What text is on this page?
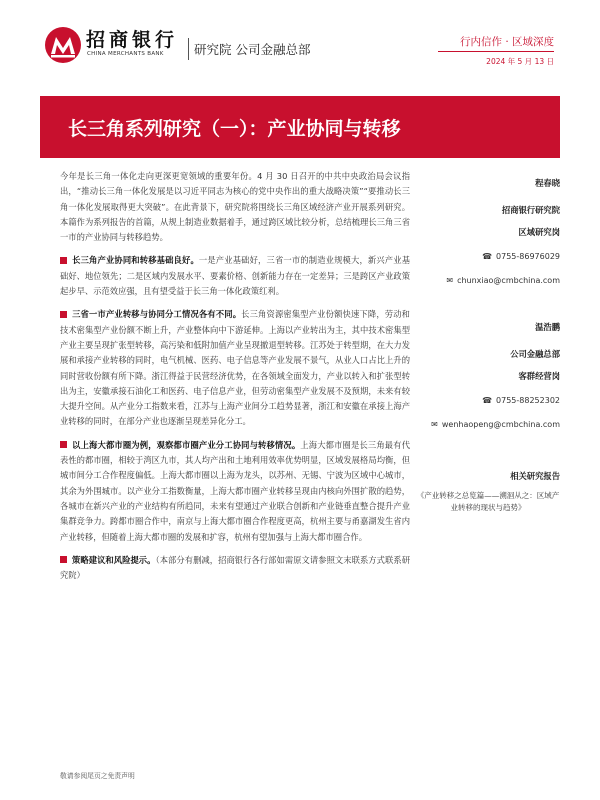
招商银行
CHINA MERCHANTS BANK 研究院 公司金融总部	行内信作 · 区域深度
2024 年 5 月 13 日
长三角系列研究（一）：产业协同与转移

今年是长三角一体化走向更深更宽领域的重要年份。4 月 30 日召开的中共中央政治局会议指出，“推动长三角一体化发展是以习近平同志为核心的党中央作出的重大战略决策”“要推动长三角一体化发展取得更大突破”。在此背景下，研究院将围绕长三角区域经济产业开展系列研究。本篇作为系列报告的首篇，从规上制造业数据着手，通过跨区域比较分析，总结梳理长三角三省一市的产业协同与转移趋势。

长三角产业协同和转移基础良好。一是产业基础好，三省一市的制造业规模大，新兴产业基础好、地位领先；二是区域内发展水平、要素价格、创新能力存在一定差异；三是跨区产业政策起步早、示范效应强，且有望受益于长三角一体化政策红利。

三省一市产业转移与协同分工情况各有不同。长三角资源密集型产业份额快速下降，劳动和技术密集型产业份额不断上升，产业整体向中下游延伸。上海以产业转出为主，其中技术密集型产业主要呈现扩张型转移，高污染和低附加值产业呈现撤退型转移。江苏处于转型期，在大力发展和承接产业转移的同时，电气机械、医药、电子信息等产业发展不景气，从业人口占比上升的同时营收份额有所下降。浙江得益于民营经济优势，在各领域全面发力，产业以转入和扩张型转出为主，安徽承接石油化工和医药、电子信息产业，但劳动密集型产业发展不及预期，未来有较大提升空间。从产业分工指数来看，江苏与上海产业间分工趋势显著，浙江和安徽在承接上海产业转移的同时，在部分产业也逐渐呈现差异化分工。

以上海大都市圈为例，观察都市圈产业分工协同与转移情况。上海大都市圈是长三角最有代表性的都市圈，相较于湾区九市，其人均产出和土地利用效率优势明显，区域发展格局均衡，但城市间分工合作程度偏低。上海大都市圈以上海为龙头，以苏州、无锡、宁波为区域中心城市，其余为外围城市。以产业分工指数衡量，上海大都市圈产业转移呈现由内核向外围扩散的趋势，各城市在新兴产业的产业结构有所趋同，未来有望通过产业联合创新和产业链垂直整合提升产业集群竞争力。跨都市圈合作中，南京与上海大都市圈合作程度更高，杭州主要与甬嘉湖发生省内产业转移，但随着上海大都市圈的发展和扩容，杭州有望加强与上海大都市圈合作。

策略建议和风险提示。（本部分有删减，招商银行各行部如需原文请参照文末联系方式联系研究院）

程春晓
招商银行研究院
区域研究岗
☎ 0755-86976029
✉ chunxiao@cmbchina.com
温浩鹏
公司金融总部
客群经营岗
☎ 0755-88252302
✉ wenhaopeng@cmbchina.com
相关研究报告
《产业转移之总览篇——溯洄从之：区域产业转移的现状与趋势》
敬请参阅尾页之免责声明
